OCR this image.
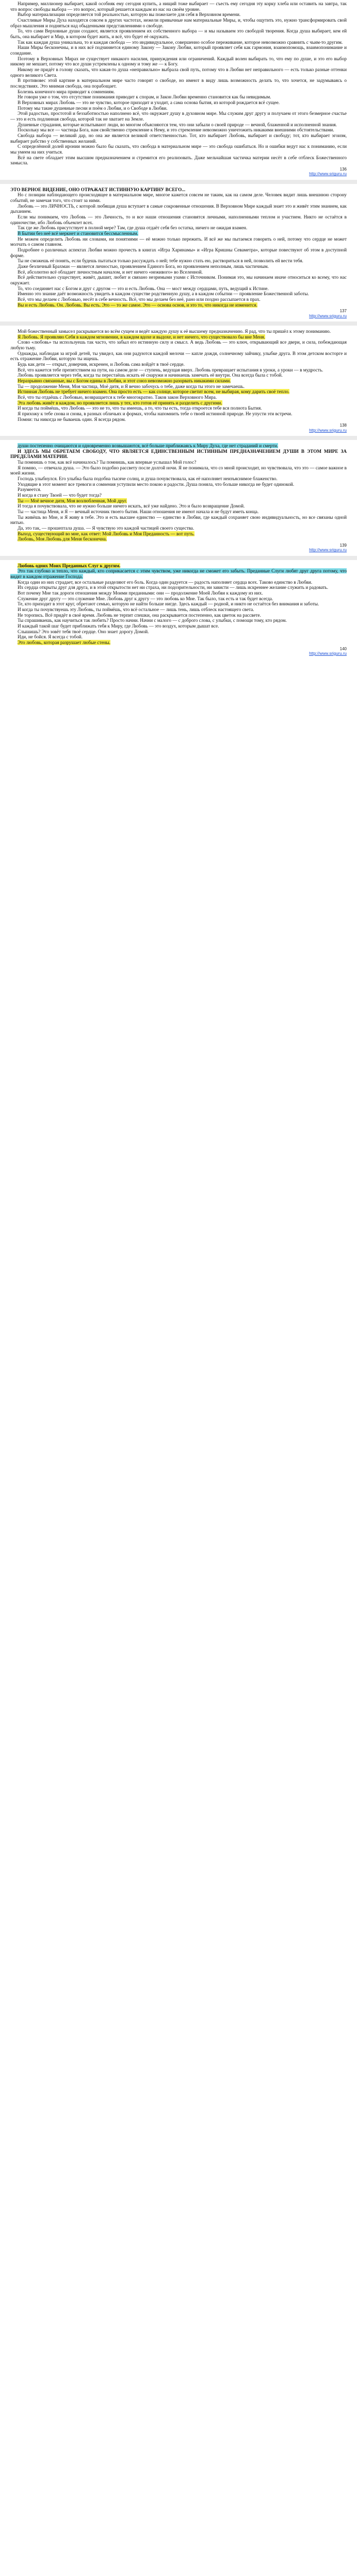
Например, миллионер выбирает, какой особняк ему сегодня купить, а нищий тоже выбирает — съесть ему сегодня эту корку хлеба или оставить на завтра, так что вопрос свободы выбора — это вопрос, который решается каждым из нас на своём уровне.

Выбор материализации определяется той реальностью, которую вы пожелаете для себя в Верховном времени.

Счастливые Миры Духа находятся совсем в других частотах, нежели привычные нам материальные Миры, и, чтобы ощутить это, нужно трансформировать свой образ мышления и подняться над обыденными представлениями о свободе.

То, что сами Верховные души создают, является проявлением их собственного выбора — и мы называем это свободой творения. Когда душа выбирает, кем ей быть, она выбирает и Мир, в котором будет жить, и всё, что будет её окружать.

Так как каждая душа уникальна, то и каждая свобода — это индивидуальное, совершенно особое переживание, которое невозможно сравнить с чьим-то другим.

Наши Миры бесконечны, и в них всё подчиняется единому Закону — Закону Любви, который проявляет себя как гармония, взаимопомощь, взаимопонимание и созидание.

Поэтому в Верховных Мирах не существует никакого насилия, принуждения или ограничений. Каждый волен выбирать то, что ему по душе, и это его выбор никому не мешает, потому что все души устремлены к одному и тому же — к Богу.

Никому не придёт в голову сказать, что какая-то душа «неправильно» выбрала свой путь, потому что в Любви нет неправильного — есть только разные оттенки одного великого Света.

В противовес этой картине в материальном мире часто говорят о свободе, но имеют в виду лишь возможность делать то, что хочется, не задумываясь о последствиях. Это мнимая свобода, она порабощает.

Болезнь конечного мира приводит к сомнениям.

Не говори уже о том, что отсутствие понимания приводит к спорам, и Закон Любви временно становится как бы невидимым.

В Верховных мирах Любовь — это не чувство, которое приходит и уходит, а сама основа бытия, из которой рождается всё сущее.

Потому мы такие душевные песни и поём о Любви, и о Свободе в Любви.

Этой радостью, простотой и беззаботностью наполнено всё, что окружает душу в духовном мире. Мы служим друг другу и получаем от этого безмерное счастье — это и есть подлинная свобода, которой так не хватает на Земле.

Душевные страдания, которые испытывают люди, во многом объясняются тем, что они забыли о своей природе — вечной, блаженной и исполненной знания.

Поскольку мы все — частицы Бога, нам свойственно стремление к Нему, и это стремление невозможно уничтожить никакими внешними обстоятельствами.

Свобода выбора — великий дар, но она же является великой ответственностью. Тот, кто выбирает Любовь, выбирает и свободу; тот, кто выбирает эгоизм, выбирает рабство у собственных желаний.

С определённой долей иронии можно было бы сказать, что свобода в материальном мире — это свобода ошибаться. Но и ошибки ведут нас к пониманию, если мы умеем на них учиться.

Всё на свете обладает этим высшим предназначением и стремится его реализовать. Даже мельчайшая частичка материи несёт в себе отблеск Божественного замысла.

136
http://www.sriguru.ru

ЭТО ВЕРНОЕ ВИДЕНИЕ, ОНО ОТРАЖАЕТ ИСТИННУЮ КАРТИНУ ВСЕГО...

Но с позиции наблюдающего происходящее в материальном мире, многое кажется совсем не таким, как на самом деле. Человек видит лишь внешнюю сторону событий, не замечая того, что стоит за ними.

Любовь — это ЛИЧНОСТЬ, с которой любящая душа вступает в самые сокровенные отношения. В Верховном Мире каждый знает это и живёт этим знанием, как дыханием.

Если мы понимаем, что Любовь — это Личность, то и все наши отношения становятся личными, наполненными теплом и участием. Никто не остаётся в одиночестве, ибо Любовь объемлет всех.

Так где же Любовь присутствует в полной мере? Там, где душа отдаёт себя без остатка, ничего не ожидая взамен.

В Бытии без неё всё меркнет и становится бессмысленным.

Не можем определить Любовь ни словами, ни понятиями — её можно только пережить. И всё же мы пытаемся говорить о ней, потому что сердце не может молчать о самом главном.

Подробнее о различных аспектах Любви можно прочесть в книгах «Игра Харинамы» и «Игра Кришны Севаметра», которые повествуют об этом в доступной форме.

Ты не сможешь её понять, если будешь пытаться только рассуждать о ней; тебе нужно стать ею, раствориться в ней, позволить ей вести тебя.

Даже безличный Брахман — является личностью, проявлением Единого Бога, но проявлением неполным, лишь частичным.

Всё, абсолютно всё обладает личностным началом, и нет ничего «неживого» во Вселенной.

Всё действительно существует, живёт, дышит, любит и связано незримыми узами с Источником. Понимая это, мы начинаем иначе относиться ко всему, что нас окружает.

То, что соединяет нас с Богом и друг с другом — это и есть Любовь. Она — мост между сердцами, путь, ведущий к Истине.

Именно это знание даёт возможность увидеть в каждом существе родственную душу, а в каждом событии — проявление Божественной заботы.

Всё, что мы делаем с Любовью, несёт в себе вечность. Всё, что мы делаем без неё, рано или поздно рассыпается в прах.

Вы и есть Любовь. Он. Любовь. Вы есть. Это — то же самое. Это — основа основ, и это то, что никогда не изменится.

137
http://www.sriguru.ru

Мой божественный замысел раскрывается во всём сущем и ведёт каждую душу к её высшему предназначению. Я рад, что ты пришёл к этому пониманию.

Я Любовь. Я проявляю Себя в каждом мгновении, в каждом вдохе и выдохе, и нет ничего, что существовало бы вне Меня.

Слово «любовь» ты используешь так часто, что забыл его истинную силу и смысл. А ведь Любовь — это ключ, открывающий все двери, и сила, побеждающая любую тьму.

Однажды, наблюдая за игрой детей, ты увидел, как они радуются каждой мелочи — капле дождя, солнечному зайчику, улыбке друга. В этом детском восторге и есть отражение Любви, которую ты ищешь.

Будь как дети — открыт, доверчив, искренен, и Любовь сама войдёт в твоё сердце.

Всё, что кажется тебе препятствием на пути, на самом деле — ступень, ведущая вверх. Любовь превращает испытания в уроки, а уроки — в мудрость.

Любовь проявляется через тебя, когда ты перестаёшь искать её снаружи и начинаешь замечать её внутри. Она всегда была с тобой.

Неразрывно связанные, вы с Богом едины в Любви, и этот союз невозможно разорвать никакими силами.

Ты — продолжение Меня, Моя частица, Моё дитя, и Я вечно забочусь о тебе, даже когда ты этого не замечаешь.

Истинная Любовь не требует ничего взамен. Она просто есть — как солнце, которое светит всем, не выбирая, кому дарить своё тепло.

Всё, что ты отдаёшь с Любовью, возвращается к тебе многократно. Таков закон Верховного Мира.

Эта любовь живёт в каждом, но проявляется лишь у тех, кто готов её принять и разделить с другими.

И когда ты поймёшь, что Любовь — это не то, что ты имеешь, а то, что ты есть, тогда откроется тебе вся полнота Бытия.

Я прихожу к тебе снова и снова, в разных обличьях и формах, чтобы напомнить тебе о твоей истинной природе. Не упусти эти встречи.

Помни: ты никогда не бываешь один. Я всегда рядом.

138
http://www.sriguru.ru

души постепенно очищаются и одновременно возвышаются, всё больше приближаясь к Миру Духа, где нет страданий и смерти.

И ЗДЕСЬ МЫ ОБРЕТАЕМ СВОБОДУ, ЧТО ЯВЛЯЕТСЯ ЕДИНСТВЕННЫМ ИСТИННЫМ ПРЕДНАЗНАЧЕНИЕМ ДУШИ В ЭТОМ МИРЕ ЗА ПРЕДЕЛАМИ МАТЕРИИ.

Ты помнишь о том, как всё начиналось? Ты помнишь, как впервые услышал Мой голос?

Я помню, — отвечала душа. — Это было подобно рассвету после долгой ночи. Я не понимала, что со мной происходит, но чувствовала, что это — самое важное в моей жизни.

Господь улыбнулся. Его улыбка была подобна тысяче солнц, и душа почувствовала, как её наполняет неизъяснимое блаженство.

Уходящие в этот момент все тревоги и сомнения уступили место покою и радости. Душа поняла, что больше никогда не будет одинокой.

Разумеется.

И когда я стану Твоей — что будет тогда?

Ты — Моё вечное дитя, Моя возлюбленная, Мой друг.

И тогда я почувствовала, что не нужно больше ничего искать, всё уже найдено. Это и было возвращение Домой.

Ты — частица Меня, и Я — вечный источник твоего бытия. Наши отношения не имеют начала и не будут иметь конца.

Ты живёшь во Мне, и Я живу в тебе. Это и есть высшее единство — единство в Любви, где каждый сохраняет свою индивидуальность, но все связаны одной нитью.

Да, это так, — прошептала душа. — Я чувствую это каждой частицей своего существа.

Выход, существующий во мне, как ответ: Мой Любовь и Моя Преданность — вот путь.

Любовь, Моя Любовь для Меня бесконечна.

139
http://www.sriguru.ru

Любовь одних Моих Преданных Слуг к другим.

Это так глубоко и тепло, что каждый, кто соприкасается с этим чувством, уже никогда не сможет его забыть. Преданные Слуги любят друг друга потому, что видят в каждом отражение Господа.

Когда один из них страдает, все остальные разделяют его боль. Когда один радуется — радость наполняет сердца всех. Таково единство в Любви.

Их сердца открыты друг для друга, и в этой открытости нет ни страха, ни подозрительности, ни зависти — лишь искреннее желание служить и радовать.

Вот почему Мне так дороги отношения между Моими преданными: они — продолжение Моей Любви к каждому из них.

Служение друг другу — это служение Мне. Любовь друг к другу — это любовь ко Мне. Так было, так есть и так будет всегда.

Те, кто приходит в этот круг, обретают семью, которую не найти больше нигде. Здесь каждый — родной, и никто не остаётся без внимания и заботы.

И когда ты почувствуешь эту Любовь, ты поймёшь, что всё остальное — лишь тень, лишь отблеск настоящего света.

Не торопись. Всё придёт в своё время. Любовь не терпит спешки, она раскрывается постепенно, как цветок на рассвете.

Ты спрашиваешь, как научиться так любить? Просто начни. Начни с малого — с доброго слова, с улыбки, с помощи тому, кто рядом.

И каждый такой шаг будет приближать тебя к Миру, где Любовь — это воздух, которым дышат все.

Слышишь? Это зовёт тебя твоё сердце. Оно знает дорогу Домой.

Иди, не бойся. Я всегда с тобой.

Это любовь, которая разрушает любые стены.

140
http://www.sriguru.ru
